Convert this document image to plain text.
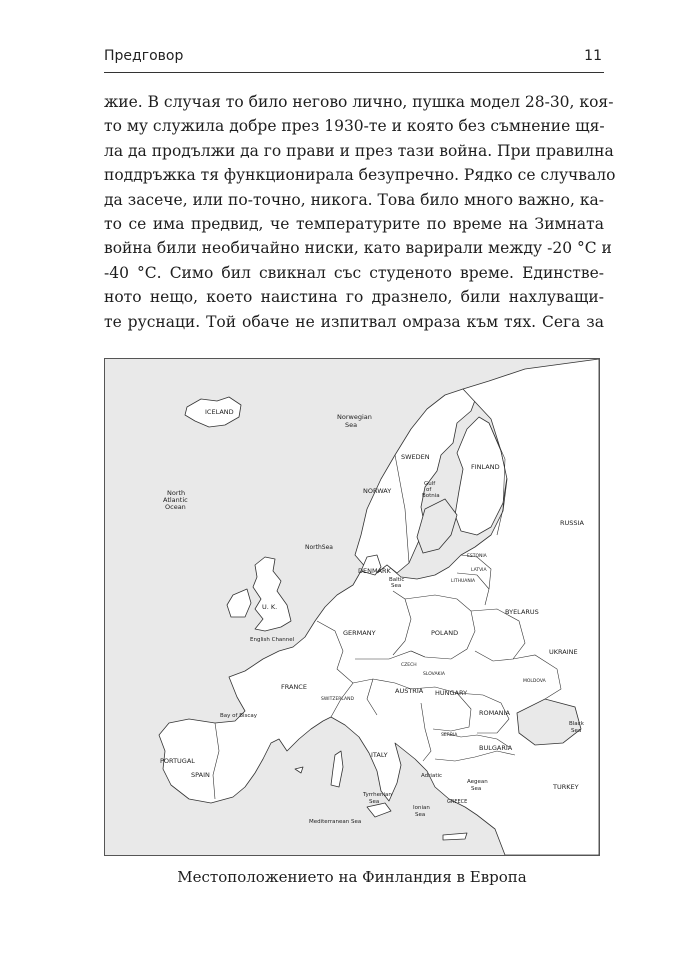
Предговор	11
жие. В случая то било негово лично, пушка модел 28-30, коя-
то му служила добре през 1930-те и която без съмнение щя-
ла да продължи да го прави и през тази война. При правилна
поддръжка тя функционирала безупречно. Рядко се случвало
да засече, или по-точно, никога. Това било много важно, ка-
то се има предвид, че температурите по време на Зимната
война били необичайно ниски, като варирали между -20 °С и
-40 °С. Симо бил свикнал със студеното време. Единстве-
ното нещо, което наистина го дразнело, били нахлуващи-
те руснаци. Той обаче не изпитвал омраза към тях. Сега за
ICELAND
Norwegian
Sea
North
Atlantic
Ocean
SWEDEN
FINLAND
NORWAY
Gulf
of
Botnia
RUSSIA
NorthSea
DENMARK
Baltic
Sea
ESTONIA
LATVIA
LITHUANIA
U. K.
BYELARUS
GERMANY	POLAND
English Channel
UKRAINE
CZECH
SLOVAKIA
MOLDOVA
FRANCE	AUSTRIA HUNGARY
SWITZERLAND
ROMANIA
Bay of Biscay
Black
Sea
SERBIA
ITALY
BULGARIA
PORTUGAL
SPAIN	Adriatic
Aegean
Sea	TURKEY
Tyrrhenian
Sea
Ionian
Sea
GREECE
Mediterranean Sea
Местоположението на Финландия в Европа
